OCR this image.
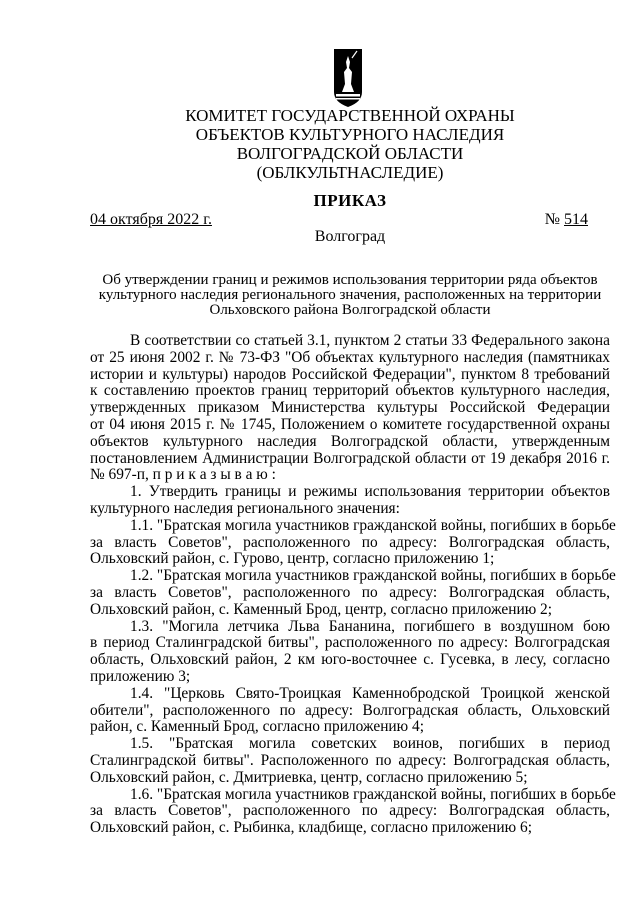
КОМИТЕТ ГОСУДАРСТВЕННОЙ ОХРАНЫ
ОБЪЕКТОВ КУЛЬТУРНОГО НАСЛЕДИЯ
ВОЛГОГРАДСКОЙ ОБЛАСТИ
(ОБЛКУЛЬТНАСЛЕДИЕ)
ПРИКАЗ
04 октября 2022 г.	№ 514
Волгоград
Об утверждении границ и режимов использования территории ряда объектов
культурного наследия регионального значения, расположенных на территории
Ольховского района Волгоградской области
В соответствии со статьей 3.1, пунктом 2 статьи 33 Федерального закона
от 25 июня 2002 г. № 73-ФЗ "Об объектах культурного наследия (памятниках
истории и культуры) народов Российской Федерации", пунктом 8 требований
к составлению проектов границ территорий объектов культурного наследия,
утвержденных приказом Министерства культуры Российской Федерации
от 04 июня 2015 г. № 1745, Положением о комитете государственной охраны
объектов культурного наследия Волгоградской области, утвержденным
постановлением Администрации Волгоградской области от 19 декабря 2016 г.
№ 697-п, п р и к а з ы в а ю :
1. Утвердить границы и режимы использования территории объектов
культурного наследия регионального значения:
1.1. "Братская могила участников гражданской войны, погибших в борьбе
за власть Советов", расположенного по адресу: Волгоградская область,
Ольховский район, с. Гурово, центр, согласно приложению 1;
1.2. "Братская могила участников гражданской войны, погибших в борьбе
за власть Советов", расположенного по адресу: Волгоградская область,
Ольховский район, с. Каменный Брод, центр, согласно приложению 2;
1.3. "Могила летчика Льва Бананина, погибшего в воздушном бою
в период Сталинградской битвы", расположенного по адресу: Волгоградская
область, Ольховский район, 2 км юго-восточнее с. Гусевка, в лесу, согласно
приложению 3;
1.4. "Церковь Свято-Троицкая Каменнобродской Троицкой женской
обители", расположенного по адресу: Волгоградская область, Ольховский
район, с. Каменный Брод, согласно приложению 4;
1.5. "Братская могила советских воинов, погибших в период
Сталинградской битвы". Расположенного по адресу: Волгоградская область,
Ольховский район, с. Дмитриевка, центр, согласно приложению 5;
1.6. "Братская могила участников гражданской войны, погибших в борьбе
за власть Советов", расположенного по адресу: Волгоградская область,
Ольховский район, с. Рыбинка, кладбище, согласно приложению 6;
